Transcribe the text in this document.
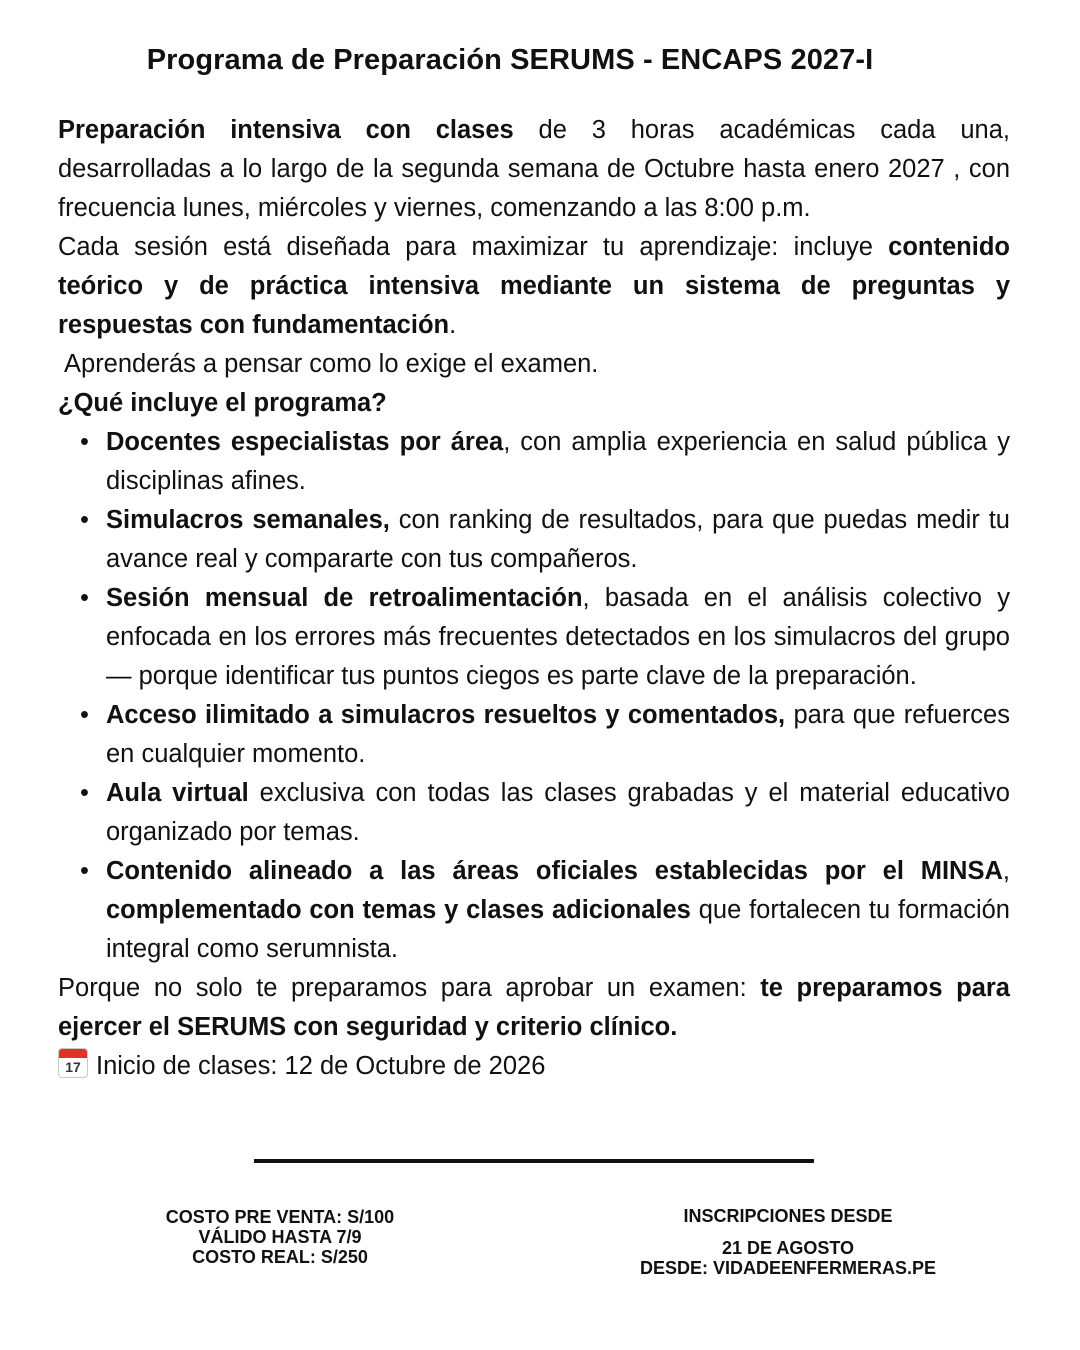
Programa de Preparación SERUMS - ENCAPS 2027-I

Preparación intensiva con clases de 3 horas académicas cada una, desarrolladas a lo largo de la segunda semana de Octubre hasta enero 2027 , con frecuencia lunes, miércoles y viernes, comenzando a las 8:00 p.m.

Cada sesión está diseñada para maximizar tu aprendizaje: incluye contenido teórico y de práctica intensiva mediante un sistema de preguntas y respuestas con fundamentación.

Aprenderás a pensar como lo exige el examen.

¿Qué incluye el programa?

• Docentes especialistas por área, con amplia experiencia en salud pública y disciplinas afines.
• Simulacros semanales, con ranking de resultados, para que puedas medir tu avance real y compararte con tus compañeros.
• Sesión mensual de retroalimentación, basada en el análisis colectivo y enfocada en los errores más frecuentes detectados en los simulacros del grupo — porque identificar tus puntos ciegos es parte clave de la preparación.
• Acceso ilimitado a simulacros resueltos y comentados, para que refuerces en cualquier momento.
• Aula virtual exclusiva con todas las clases grabadas y el material educativo organizado por temas.
• Contenido alineado a las áreas oficiales establecidas por el MINSA, complementado con temas y clases adicionales que fortalecen tu formación integral como serumnista.

Porque no solo te preparamos para aprobar un examen: te preparamos para ejercer el SERUMS con seguridad y criterio clínico.

17 Inicio de clases: 12 de Octubre de 2026

COSTO PRE VENTA: S/100
VÁLIDO HASTA 7/9
COSTO REAL: S/250
INSCRIPCIONES DESDE
21 DE AGOSTO
DESDE: VIDADEENFERMERAS.PE
